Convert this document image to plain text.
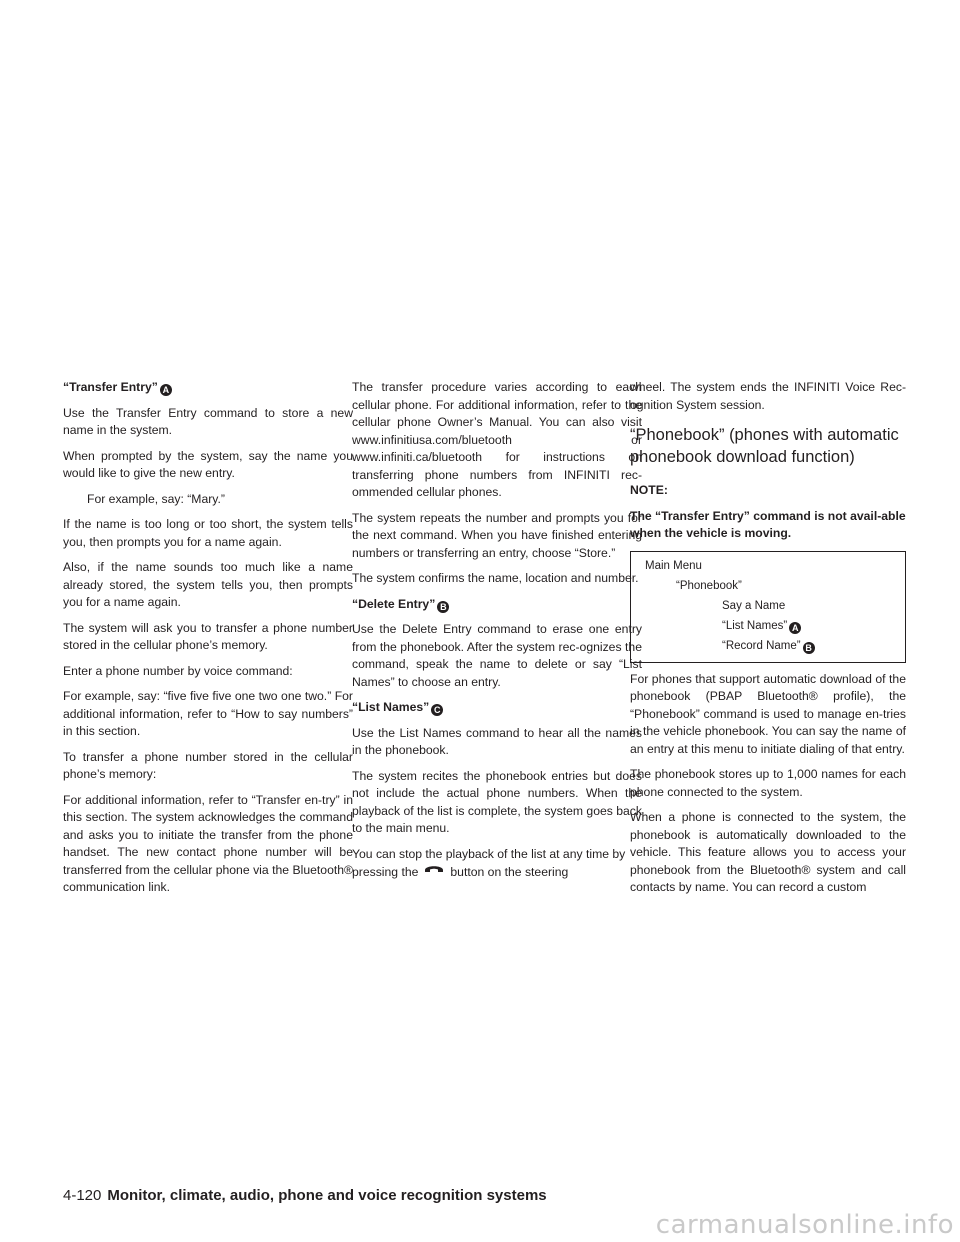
“Transfer Entry” A

Use the Transfer Entry command to store a new name in the system.

When prompted by the system, say the name you would like to give the new entry.

For example, say: “Mary.”

If the name is too long or too short, the system tells you, then prompts you for a name again.

Also, if the name sounds too much like a name already stored, the system tells you, then prompts you for a name again.

The system will ask you to transfer a phone number stored in the cellular phone’s memory.

Enter a phone number by voice command:

For example, say: “five five five one two one two.” For additional information, refer to “How to say numbers” in this section.

To transfer a phone number stored in the cellular phone’s memory:

For additional information, refer to “Transfer en-try” in this section. The system acknowledges the command and asks you to initiate the transfer from the phone handset. The new contact phone number will be transferred from the cellular phone via the Bluetooth® communication link.

The transfer procedure varies according to each cellular phone. For additional information, refer to the cellular phone Owner’s Manual. You can also visit www.infinitiusa.com/bluetooth or www.infiniti.ca/bluetooth for instructions on transferring phone numbers from INFINITI rec-ommended cellular phones.

The system repeats the number and prompts you for the next command. When you have finished entering numbers or transferring an entry, choose “Store.”

The system confirms the name, location and number.

“Delete Entry” B

Use the Delete Entry command to erase one entry from the phonebook. After the system rec-ognizes the command, speak the name to delete or say “List Names” to choose an entry.

“List Names” C

Use the List Names command to hear all the names in the phonebook.

The system recites the phonebook entries but does not include the actual phone numbers. When the playback of the list is complete, the system goes back to the main menu.

You can stop the playback of the list at any time by pressing the	button on the steering

wheel. The system ends the INFINITI Voice Rec-ognition System session.

“Phonebook” (phones with automatic phonebook download function)
NOTE:
The “Transfer Entry” command is not avail-able when the vehicle is moving.
Main Menu
“Phonebook”
Say a Name
“List Names” A
“Record Name” B

For phones that support automatic download of the phonebook (PBAP Bluetooth® profile), the “Phonebook” command is used to manage en-tries in the vehicle phonebook. You can say the name of an entry at this menu to initiate dialing of that entry.

The phonebook stores up to 1,000 names for each phone connected to the system.

When a phone is connected to the system, the phonebook is automatically downloaded to the vehicle. This feature allows you to access your phonebook from the Bluetooth® system and call contacts by name. You can record a custom

4-120 Monitor, climate, audio, phone and voice recognition systems
carmanualsonline.info
